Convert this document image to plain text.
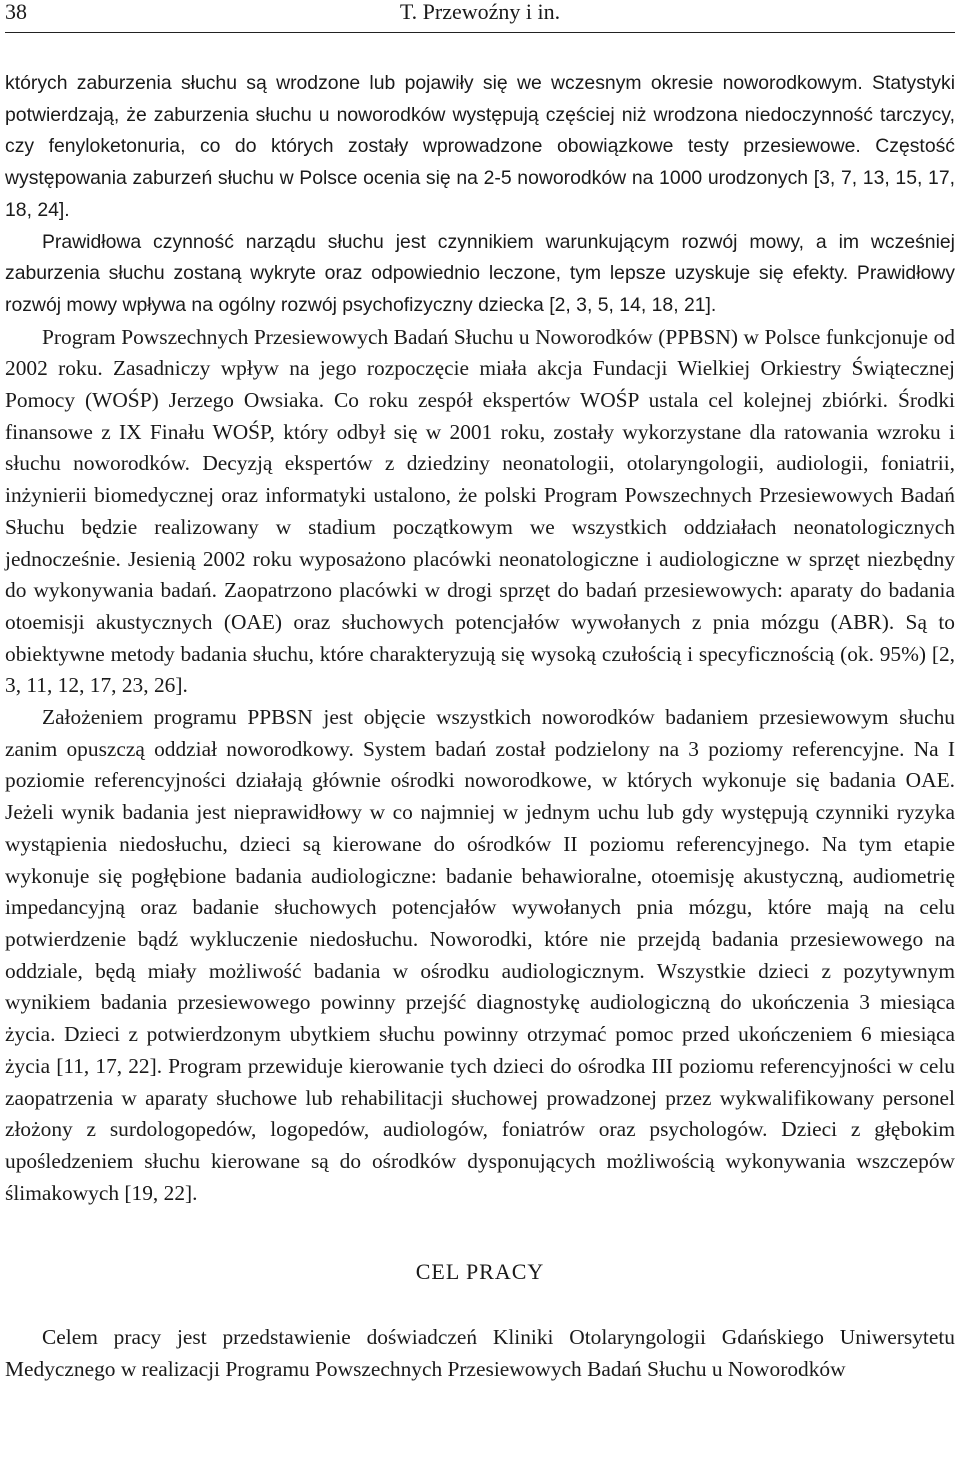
38	T. Przewoźny i in.

których zaburzenia słuchu są wrodzone lub pojawiły się we wczesnym okresie noworodkowym. Statystyki potwierdzają, że zaburzenia słuchu u noworodków występują częściej niż wrodzona niedoczynność tarczycy, czy fenyloketonuria, co do których zostały wprowadzone obowiązkowe testy przesiewowe. Częstość występowania zaburzeń słuchu w Polsce ocenia się na 2-5 noworodków na 1000 urodzonych [3, 7, 13, 15, 17, 18, 24].

Prawidłowa czynność narządu słuchu jest czynnikiem warunkującym rozwój mowy, a im wcześniej zaburzenia słuchu zostaną wykryte oraz odpowiednio leczone, tym lepsze uzyskuje się efekty. Prawidłowy rozwój mowy wpływa na ogólny rozwój psychofizyczny dziecka [2, 3, 5, 14, 18, 21].

Program Powszechnych Przesiewowych Badań Słuchu u Noworodków (PPBSN) w Polsce funkcjonuje od 2002 roku. Zasadniczy wpływ na jego rozpoczęcie miała akcja Fundacji Wielkiej Orkiestry Świątecznej Pomocy (WOŚP) Jerzego Owsiaka. Co roku zespół ekspertów WOŚP ustala cel kolejnej zbiórki. Środki finansowe z IX Finału WOŚP, który odbył się w 2001 roku, zostały wykorzystane dla ratowania wzroku i słuchu noworodków. Decyzją ekspertów z dziedziny neonatologii, otolaryngologii, audiologii, foniatrii, inżynierii biomedycznej oraz informatyki ustalono, że polski Program Powszechnych Przesiewowych Badań Słuchu będzie realizowany w stadium początkowym we wszystkich oddziałach neonatologicznych jednocześnie. Jesienią 2002 roku wyposażono placówki neonatologiczne i audiologiczne w sprzęt niezbędny do wykonywania badań. Zaopatrzono placówki w drogi sprzęt do badań przesiewowych: aparaty do badania otoemisji akustycznych (OAE) oraz słuchowych potencjałów wywołanych z pnia mózgu (ABR). Są to obiektywne metody badania słuchu, które charakteryzują się wysoką czułością i specyficznością (ok. 95%) [2, 3, 11, 12, 17, 23, 26].

Założeniem programu PPBSN jest objęcie wszystkich noworodków badaniem przesiewowym słuchu zanim opuszczą oddział noworodkowy. System badań został podzielony na 3 poziomy referencyjne. Na I poziomie referencyjności działają głównie ośrodki noworodkowe, w których wykonuje się badania OAE. Jeżeli wynik badania jest nieprawidłowy w co najmniej w jednym uchu lub gdy występują czynniki ryzyka wystąpienia niedosłuchu, dzieci są kierowane do ośrodków II poziomu referencyjnego. Na tym etapie wykonuje się pogłębione badania audiologiczne: badanie behawioralne, otoemisję akustyczną, audiometrię impedancyjną oraz badanie słuchowych potencjałów wywołanych pnia mózgu, które mają na celu potwierdzenie bądź wykluczenie niedosłuchu. Noworodki, które nie przejdą badania przesiewowego na oddziale, będą miały możliwość badania w ośrodku audiologicznym. Wszystkie dzieci z pozytywnym wynikiem badania przesiewowego powinny przejść diagnostykę audiologiczną do ukończenia 3 miesiąca życia. Dzieci z potwierdzonym ubytkiem słuchu powinny otrzymać pomoc przed ukończeniem 6 miesiąca życia [11, 17, 22]. Program przewiduje kierowanie tych dzieci do ośrodka III poziomu referencyjności w celu zaopatrzenia w aparaty słuchowe lub rehabilitacji słuchowej prowadzonej przez wykwalifikowany personel złożony z surdologopedów, logopedów, audiologów, foniatrów oraz psychologów. Dzieci z głębokim upośledzeniem słuchu kierowane są do ośrodków dysponujących możliwością wykonywania wszczepów ślimakowych [19, 22].

CEL PRACY

Celem pracy jest przedstawienie doświadczeń Kliniki Otolaryngologii Gdańskiego Uniwersytetu Medycznego w realizacji Programu Powszechnych Przesiewowych Badań Słuchu u Noworodków
